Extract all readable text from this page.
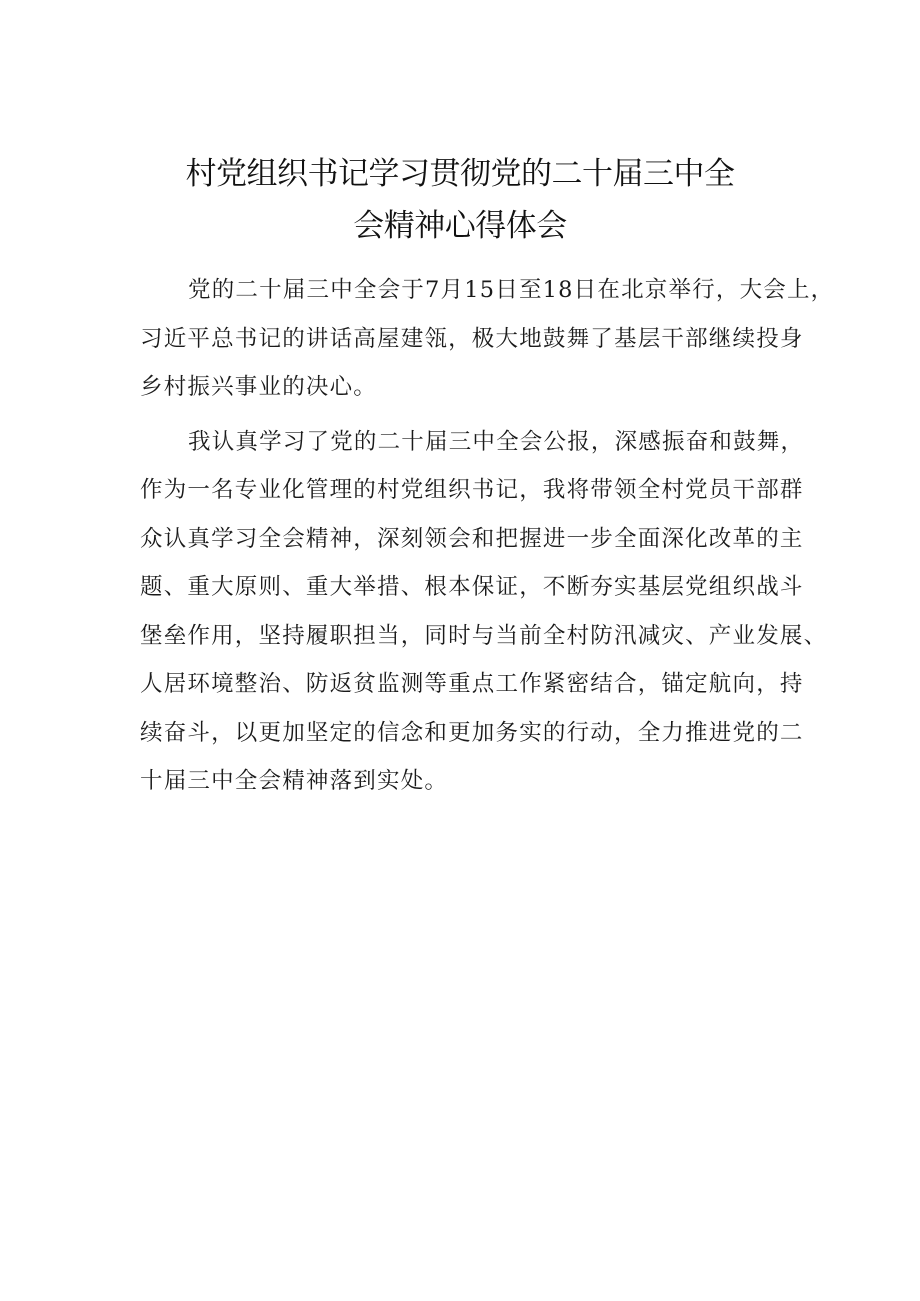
村党组织书记学习贯彻党的二十届三中全
会精神心得体会
党的二十届三中全会于7月15日至18日在北京举行，大会上，
习近平总书记的讲话高屋建瓴，极大地鼓舞了基层干部继续投身
乡村振兴事业的决心。
我认真学习了党的二十届三中全会公报，深感振奋和鼓舞，
作为一名专业化管理的村党组织书记，我将带领全村党员干部群
众认真学习全会精神，深刻领会和把握进一步全面深化改革的主
题、重大原则、重大举措、根本保证，不断夯实基层党组织战斗
堡垒作用，坚持履职担当，同时与当前全村防汛减灾、产业发展、
人居环境整治、防返贫监测等重点工作紧密结合，锚定航向，持
续奋斗，以更加坚定的信念和更加务实的行动，全力推进党的二
十届三中全会精神落到实处。
